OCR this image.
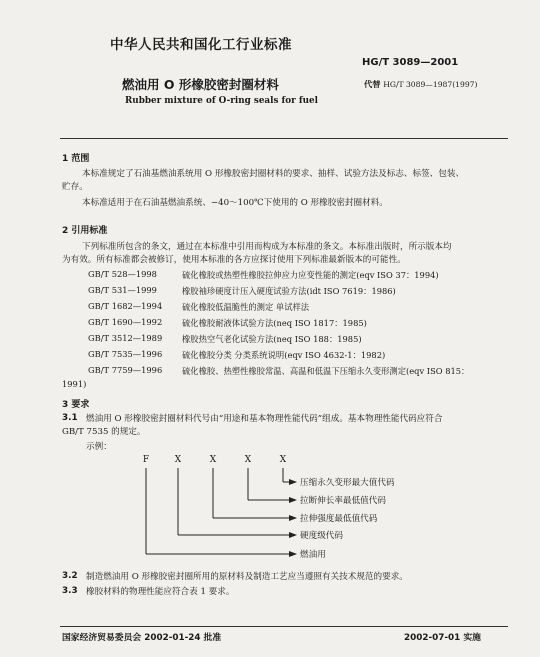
中华人民共和国化工行业标准
HG/T 3089—2001
燃油用 O 形橡胶密封圈材料	代替 HG/T 3089—1987(1997)
Rubber mixture of O-ring seals for fuel
1 范围
本标准规定了石油基燃油系统用 O 形橡胶密封圈材料的要求、抽样、试验方法及标志、标签、包装、
贮存。
本标准适用于在石油基燃油系统、−40～100℃下使用的 O 形橡胶密封圈材料。
2 引用标准
下列标准所包含的条文，通过在本标准中引用而构成为本标准的条文。本标准出版时，所示版本均
为有效。所有标准都会被修订，使用本标准的各方应探讨使用下列标准最新版本的可能性。
GB/T 528—1998	硫化橡胶或热塑性橡胶拉伸应力应变性能的测定(eqv ISO 37：1994)
GB/T 531—1999	橡胶袖珍硬度计压入硬度试验方法(idt ISO 7619：1986)
GB/T 1682—1994 硫化橡胶低温脆性的测定 单试样法
GB/T 1690—1992 硫化橡胶耐液体试验方法(neq ISO 1817：1985)
GB/T 3512—1989 橡胶热空气老化试验方法(neq ISO 188：1985)
GB/T 7535—1996 硫化橡胶分类 分类系统说明(eqv ISO 4632-1：1982)
GB/T 7759—1996 硫化橡胶、热塑性橡胶常温、高温和低温下压缩永久变形测定(eqv ISO 815：
1991)
3 要求
3.1 燃油用 O 形橡胶密封圈材料代号由“用途和基本物理性能代码”组成。基本物理性能代码应符合
GB/T 7535 的规定。
示例：
F	X	X	X	X
压缩永久变形最大值代码
拉断伸长率最低值代码
拉伸强度最低值代码
硬度级代码
燃油用
3.2 制造燃油用 O 形橡胶密封圈所用的原材料及制造工艺应当遵照有关技术规范的要求。
3.3 橡胶材料的物理性能应符合表 1 要求。
国家经济贸易委员会 2002-01-24 批准	2002-07-01 实施
